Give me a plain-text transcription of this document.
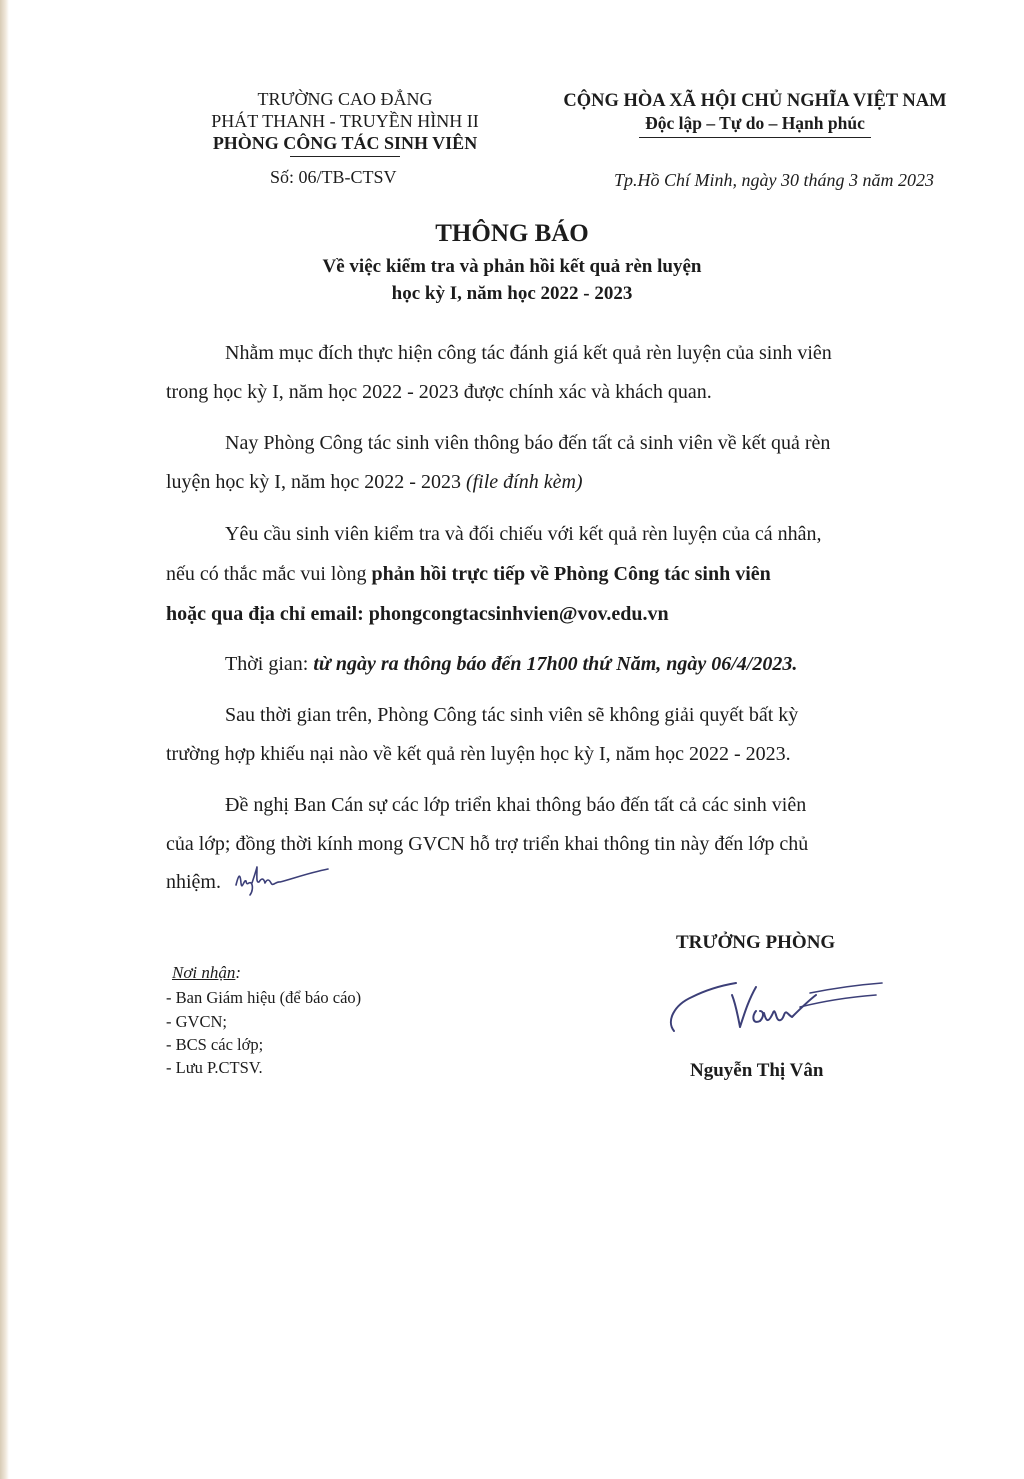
TRƯỜNG CAO ĐẲNG
PHÁT THANH - TRUYỀN HÌNH II
PHÒNG CÔNG TÁC SINH VIÊN
Số: 06/TB-CTSV
CỘNG HÒA XÃ HỘI CHỦ NGHĨA VIỆT NAM
Độc lập – Tự do – Hạnh phúc
Tp.Hồ Chí Minh, ngày 30 tháng 3 năm 2023
THÔNG BÁO
Về việc kiểm tra và phản hồi kết quả rèn luyện
học kỳ I, năm học 2022 - 2023
Nhằm mục đích thực hiện công tác đánh giá kết quả rèn luyện của sinh viên
trong học kỳ I, năm học 2022 - 2023 được chính xác và khách quan.
Nay Phòng Công tác sinh viên thông báo đến tất cả sinh viên về kết quả rèn
luyện học kỳ I, năm học 2022 - 2023 (file đính kèm)
Yêu cầu sinh viên kiểm tra và đối chiếu với kết quả rèn luyện của cá nhân,
nếu có thắc mắc vui lòng phản hồi trực tiếp về Phòng Công tác sinh viên
hoặc qua địa chỉ email: phongcongtacsinhvien@vov.edu.vn
Thời gian: từ ngày ra thông báo đến 17h00 thứ Năm, ngày 06/4/2023.
Sau thời gian trên, Phòng Công tác sinh viên sẽ không giải quyết bất kỳ
trường hợp khiếu nại nào về kết quả rèn luyện học kỳ I, năm học 2022 - 2023.
Đề nghị Ban Cán sự các lớp triển khai thông báo đến tất cả các sinh viên
của lớp; đồng thời kính mong GVCN hỗ trợ triển khai thông tin này đến lớp chủ
nhiệm.
Nơi nhận:
- Ban Giám hiệu (để báo cáo)
- GVCN;
- BCS các lớp;
- Lưu P.CTSV.
TRƯỞNG PHÒNG
Nguyễn Thị Vân
